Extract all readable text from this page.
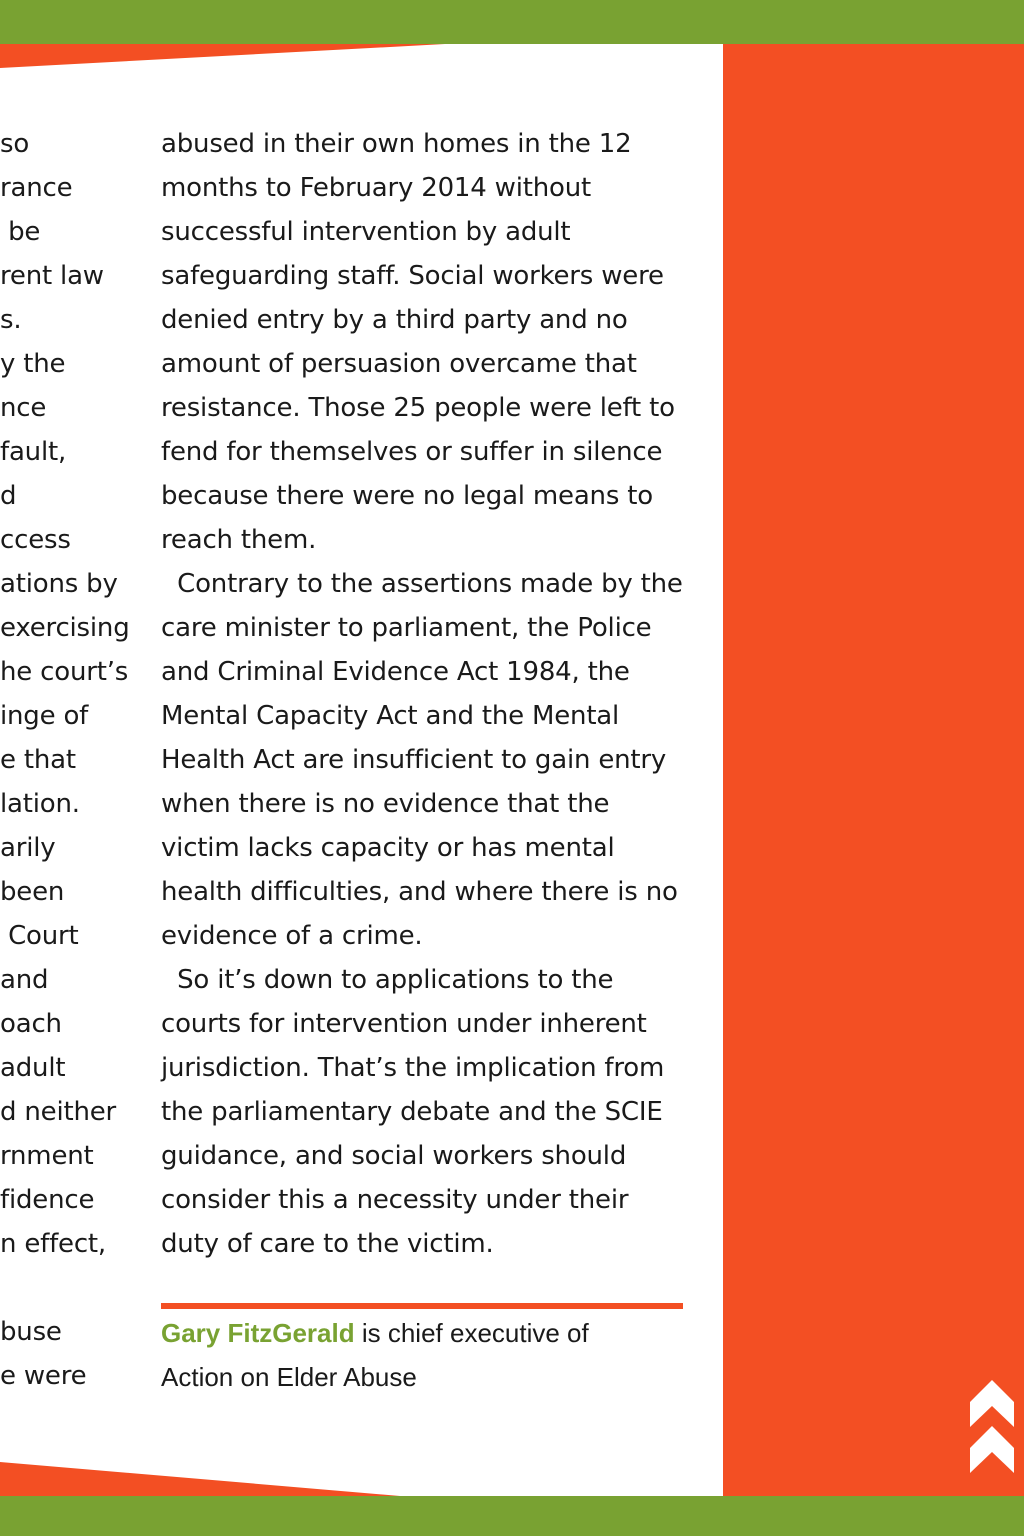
so
rance
be
rent law
s.
y the
nce
fault,
d
ccess
ations by
exercising
he court’s
inge of
e that
lation.
arily
been
Court
and
oach
adult
d neither
rnment
fidence
n effect,
buse
e were
abused in their own homes in the 12
months to February 2014 without
successful intervention by adult
safeguarding staff. Social workers were
denied entry by a third party and no
amount of persuasion overcame that
resistance. Those 25 people were left to
fend for themselves or suffer in silence
because there were no legal means to
reach them.
Contrary to the assertions made by the
care minister to parliament, the Police
and Criminal Evidence Act 1984, the
Mental Capacity Act and the Mental
Health Act are insufficient to gain entry
when there is no evidence that the
victim lacks capacity or has mental
health difficulties, and where there is no
evidence of a crime.
So it’s down to applications to the
courts for intervention under inherent
jurisdiction. That’s the implication from
the parliamentary debate and the SCIE
guidance, and social workers should
consider this a necessity under their
duty of care to the victim.
Gary FitzGerald is chief executive of
Action on Elder Abuse
